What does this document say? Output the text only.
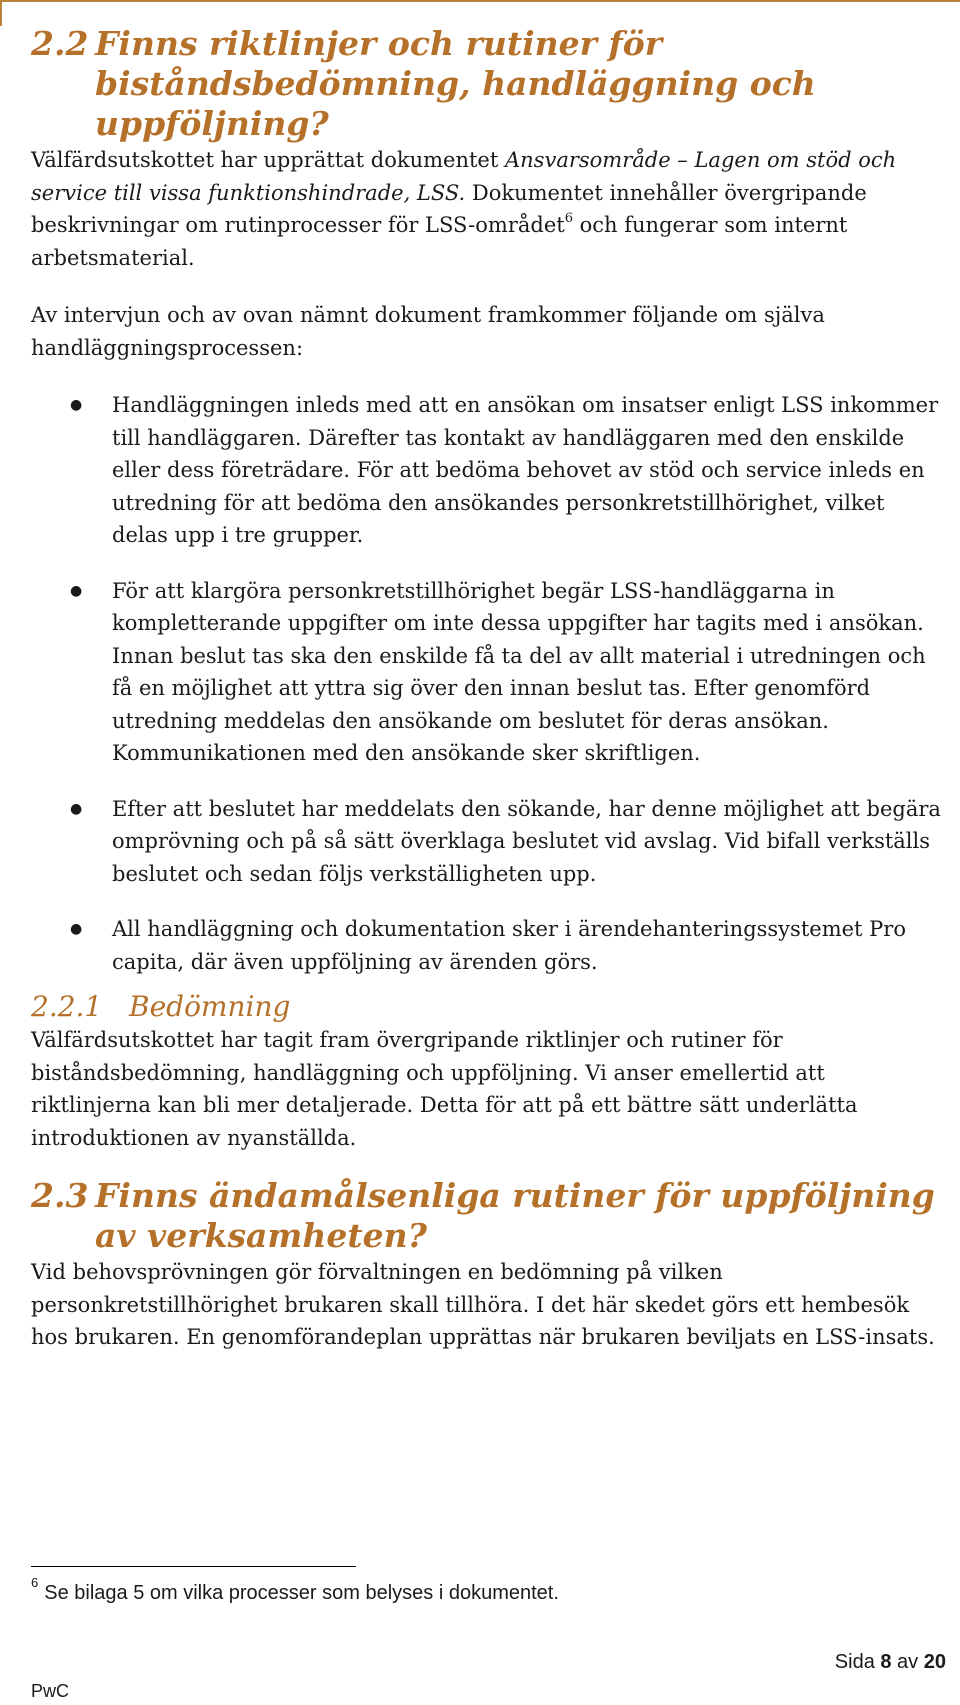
2.2 Finns riktlinjer och rutiner för biståndsbedömning, handläggning och uppföljning?

Välfärdsutskottet har upprättat dokumentet Ansvarsområde – Lagen om stöd och service till vissa funktionshindrade, LSS. Dokumentet innehåller övergripande beskrivningar om rutinprocesser för LSS-området$^6$ och fungerar som internt arbetsmaterial.

Av intervjun och av ovan nämnt dokument framkommer följande om själva handläggningsprocessen:

● Handläggningen inleds med att en ansökan om insatser enligt LSS inkommer till handläggaren. Därefter tas kontakt av handläggaren med den enskilde eller dess företrädare. För att bedöma behovet av stöd och service inleds en utredning för att bedöma den ansökandes personkretstillhörighet, vilket delas upp i tre grupper.
● För att klargöra personkretstillhörighet begär LSS-handläggarna in kompletterande uppgifter om inte dessa uppgifter har tagits med i ansökan. Innan beslut tas ska den enskilde få ta del av allt material i utredningen och få en möjlighet att yttra sig över den innan beslut tas. Efter genomförd utredning meddelas den ansökande om beslutet för deras ansökan. Kommunikationen med den ansökande sker skriftligen.
● Efter att beslutet har meddelats den sökande, har denne möjlighet att begära omprövning och på så sätt överklaga beslutet vid avslag. Vid bifall verkställs beslutet och sedan följs verkställigheten upp.
● All handläggning och dokumentation sker i ärendehanteringssystemet Pro capita, där även uppföljning av ärenden görs.
2.2.1 Bedömning

Välfärdsutskottet har tagit fram övergripande riktlinjer och rutiner för biståndsbedömning, handläggning och uppföljning. Vi anser emellertid att riktlinjerna kan bli mer detaljerade. Detta för att på ett bättre sätt underlätta introduktionen av nyanställda.

2.3 Finns ändamålsenliga rutiner för uppföljning av verksamheten?

Vid behovsprövningen gör förvaltningen en bedömning på vilken personkretstillhörighet brukaren skall tillhöra. I det här skedet görs ett hembesök hos brukaren. En genomförandeplan upprättas när brukaren beviljats en LSS-insats.

$^6$ Se bilaga 5 om vilka processer som belyses i dokumentet.
Sida 8 av 20
PwC
